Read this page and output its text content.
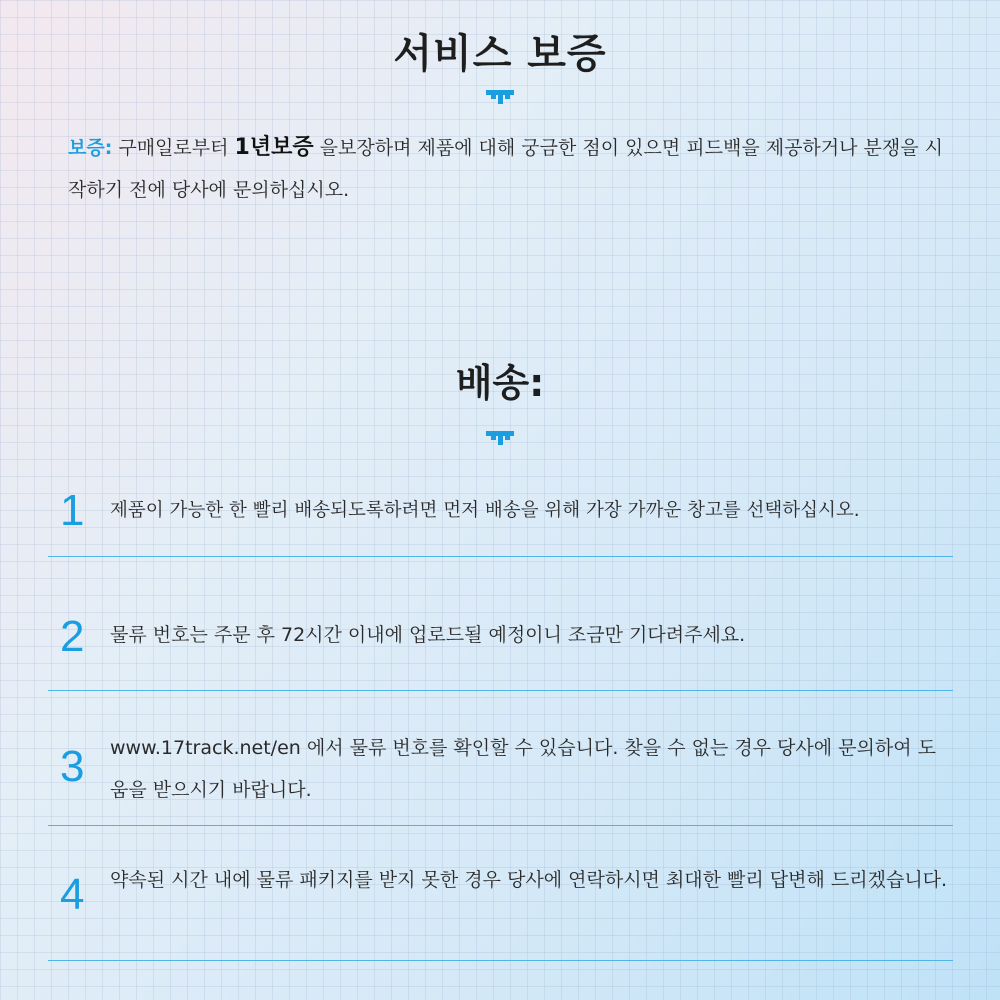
서비스 보증

보증: 구매일로부터 1년보증 을보장하며 제품에 대해 궁금한 점이 있으면 피드백을 제공하거나 분쟁을 시작하기 전에 당사에 문의하십시오.

배송:
1 제품이 가능한 한 빨리 배송되도록하려면 먼저 배송을 위해 가장 가까운 창고를 선택하십시오.

2 물류 번호는 주문 후 72시간 이내에 업로드될 예정이니 조금만 기다려주세요.

3 www.17track.net/en 에서 물류 번호를 확인할 수 있습니다. 찾을 수 없는 경우 당사에 문의하여 도움을 받으시기 바랍니다.

4 약속된 시간 내에 물류 패키지를 받지 못한 경우 당사에 연락하시면 최대한 빨리 답변해 드리겠습니다.
